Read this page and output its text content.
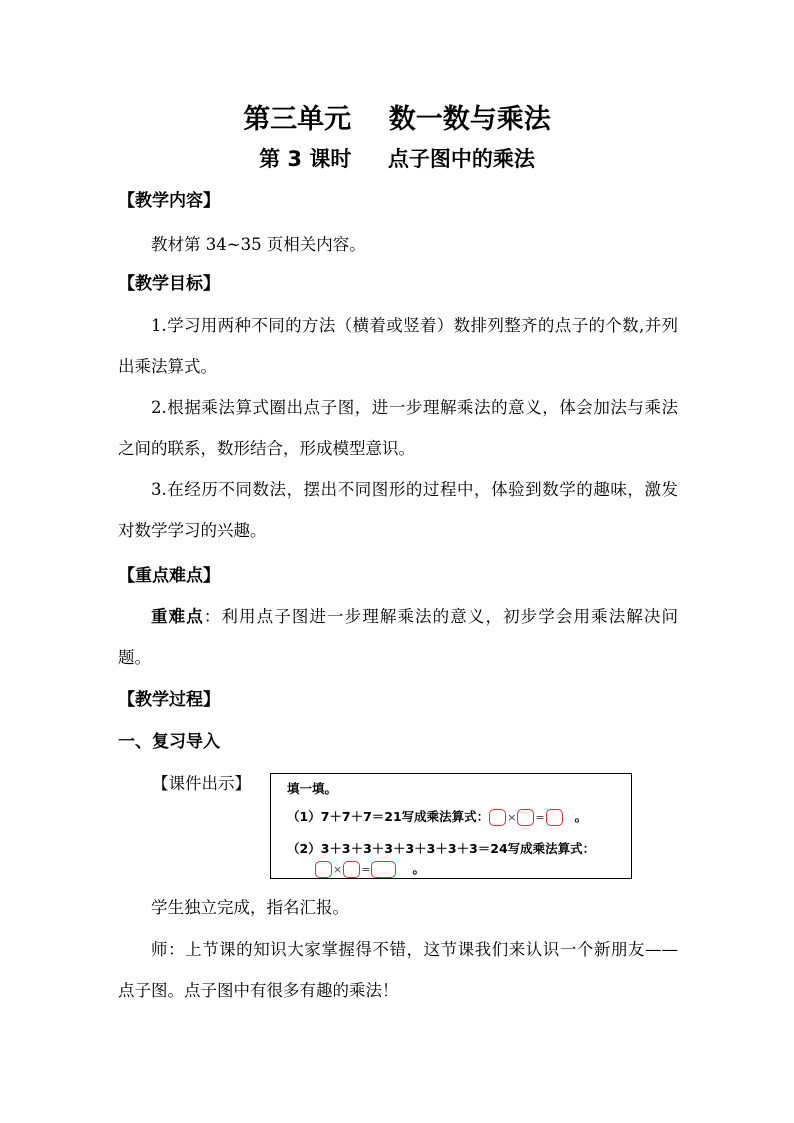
第三单元    数一数与乘法
第 3 课时     点子图中的乘法
【教学内容】

教材第 34~35 页相关内容。

【教学目标】

1.学习用两种不同的方法（横着或竖着）数排列整齐的点子的个数,并列出乘法算式。

2.根据乘法算式圈出点子图，进一步理解乘法的意义，体会加法与乘法之间的联系，数形结合，形成模型意识。

3.在经历不同数法，摆出不同图形的过程中，体验到数学的趣味，激发对数学学习的兴趣。

【重点难点】

重难点：利用点子图进一步理解乘法的意义，初步学会用乘法解决问题。

【教学过程】
一、复习导入
【课件出示】	填一填。
（1）7＋7＋7＝21写成乘法算式： × = 。
（2）3＋3＋3＋3＋3＋3＋3＋3＝24写成乘法算式：
× =	。

学生独立完成，指名汇报。

师：上节课的知识大家掌握得不错，这节课我们来认识一个新朋友——点子图。点子图中有很多有趣的乘法！
